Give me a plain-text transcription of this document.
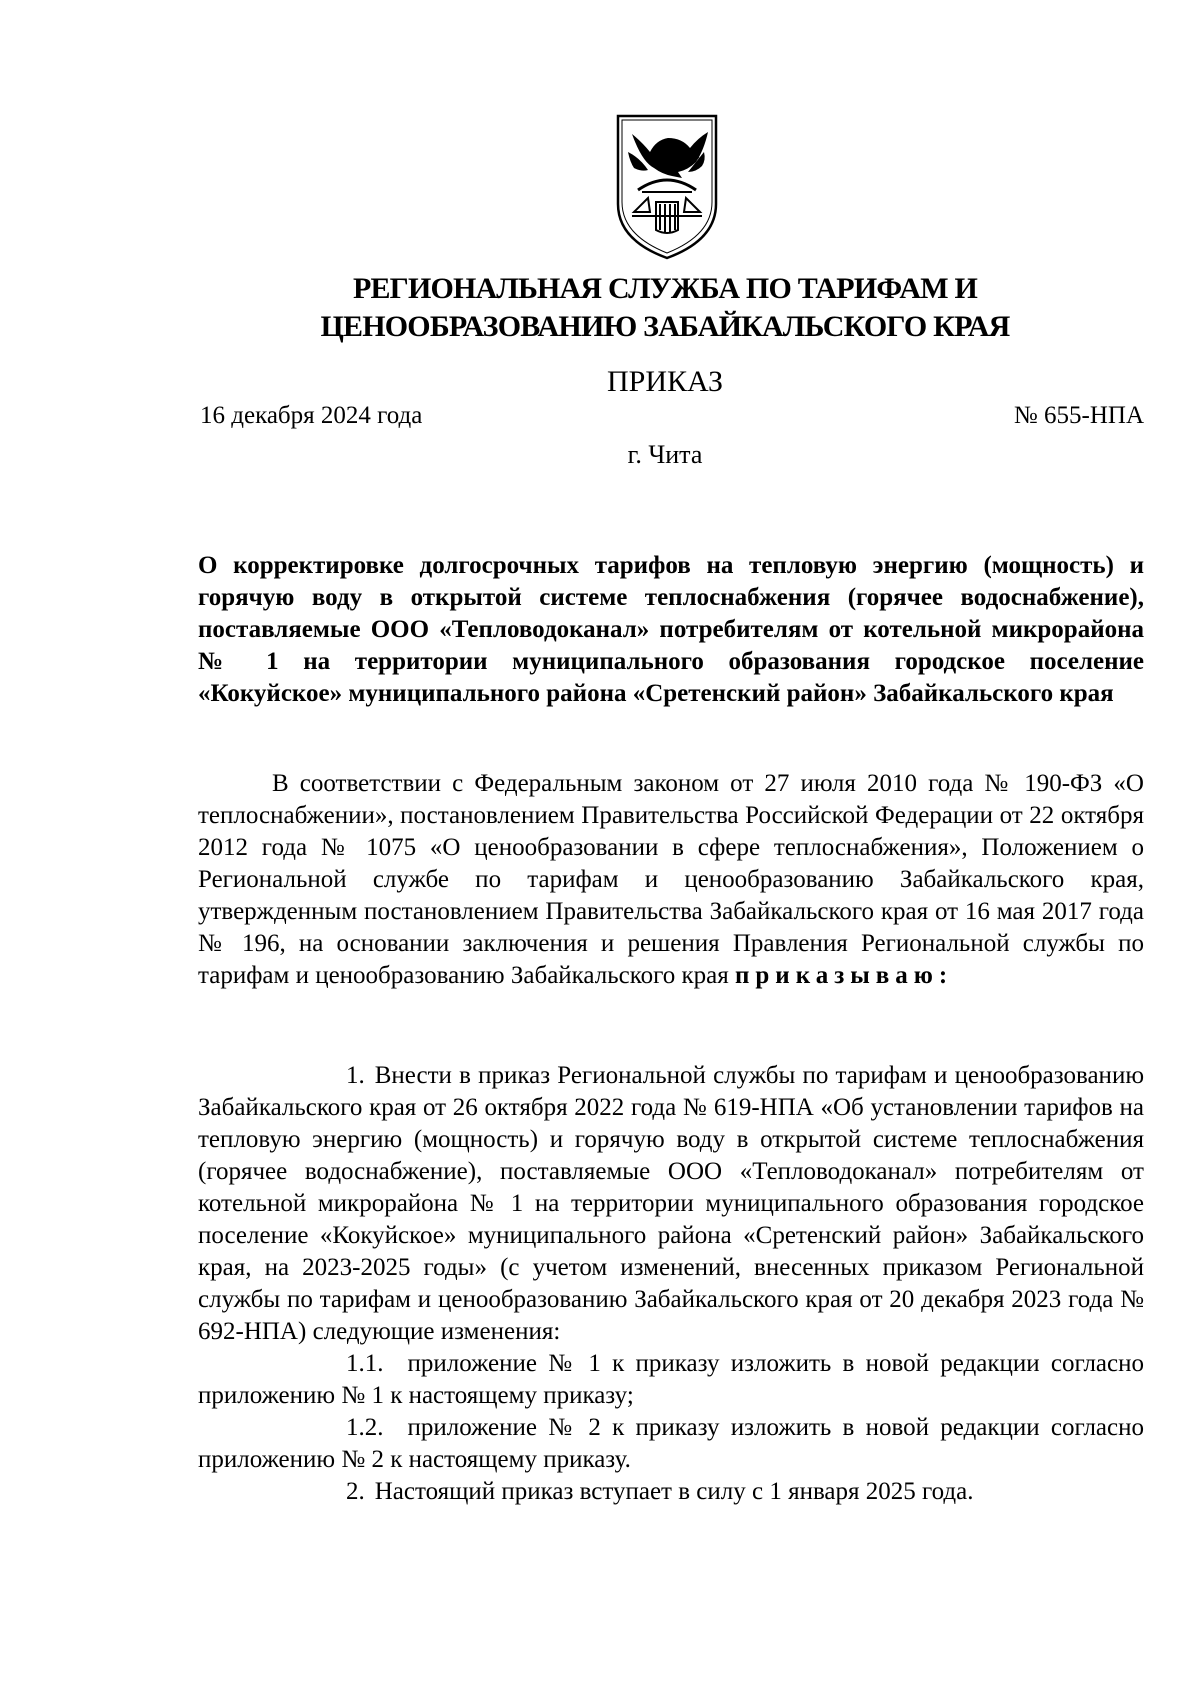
РЕГИОНАЛЬНАЯ СЛУЖБА ПО ТАРИФАМ И
ЦЕНООБРАЗОВАНИЮ ЗАБАЙКАЛЬСКОГО КРАЯ
ПРИКАЗ
16 декабря 2024 года	№ 655-НПА
г. Чита

О корректировке долгосрочных тарифов на тепловую энергию (мощность) и горячую воду в открытой системе теплоснабжения (горячее водоснабжение), поставляемые ООО «Тепловодоканал» потребителям от котельной микрорайона № 1 на территории муниципального образования городское поселение «Кокуйское» муниципального района «Сретенский район» Забайкальского края

В соответствии с Федеральным законом от 27 июля 2010 года № 190-ФЗ «О теплоснабжении», постановлением Правительства Российской Федерации от 22 октября 2012 года № 1075 «О ценообразовании в сфере теплоснабжения», Положением о Региональной службе по тарифам и ценообразованию Забайкальского края, утвержденным постановлением Правительства Забайкальского края от 16 мая 2017 года № 196, на основании заключения и решения Правления Региональной службы по тарифам и ценообразованию Забайкальского края приказываю:

1. Внести в приказ Региональной службы по тарифам и ценообразованию Забайкальского края от 26 октября 2022 года № 619-НПА «Об установлении тарифов на тепловую энергию (мощность) и горячую воду в открытой системе теплоснабжения (горячее водоснабжение), поставляемые ООО «Тепловодоканал» потребителям от котельной микрорайона № 1 на территории муниципального образования городское поселение «Кокуйское» муниципального района «Сретенский район» Забайкальского края, на 2023-2025 годы» (с учетом изменений, внесенных приказом Региональной службы по тарифам и ценообразованию Забайкальского края от 20 декабря 2023 года № 692-НПА) следующие изменения:

1.1. приложение № 1 к приказу изложить в новой редакции согласно приложению № 1 к настоящему приказу;

1.2. приложение № 2 к приказу изложить в новой редакции согласно приложению № 2 к настоящему приказу.

2. Настоящий приказ вступает в силу с 1 января 2025 года.
